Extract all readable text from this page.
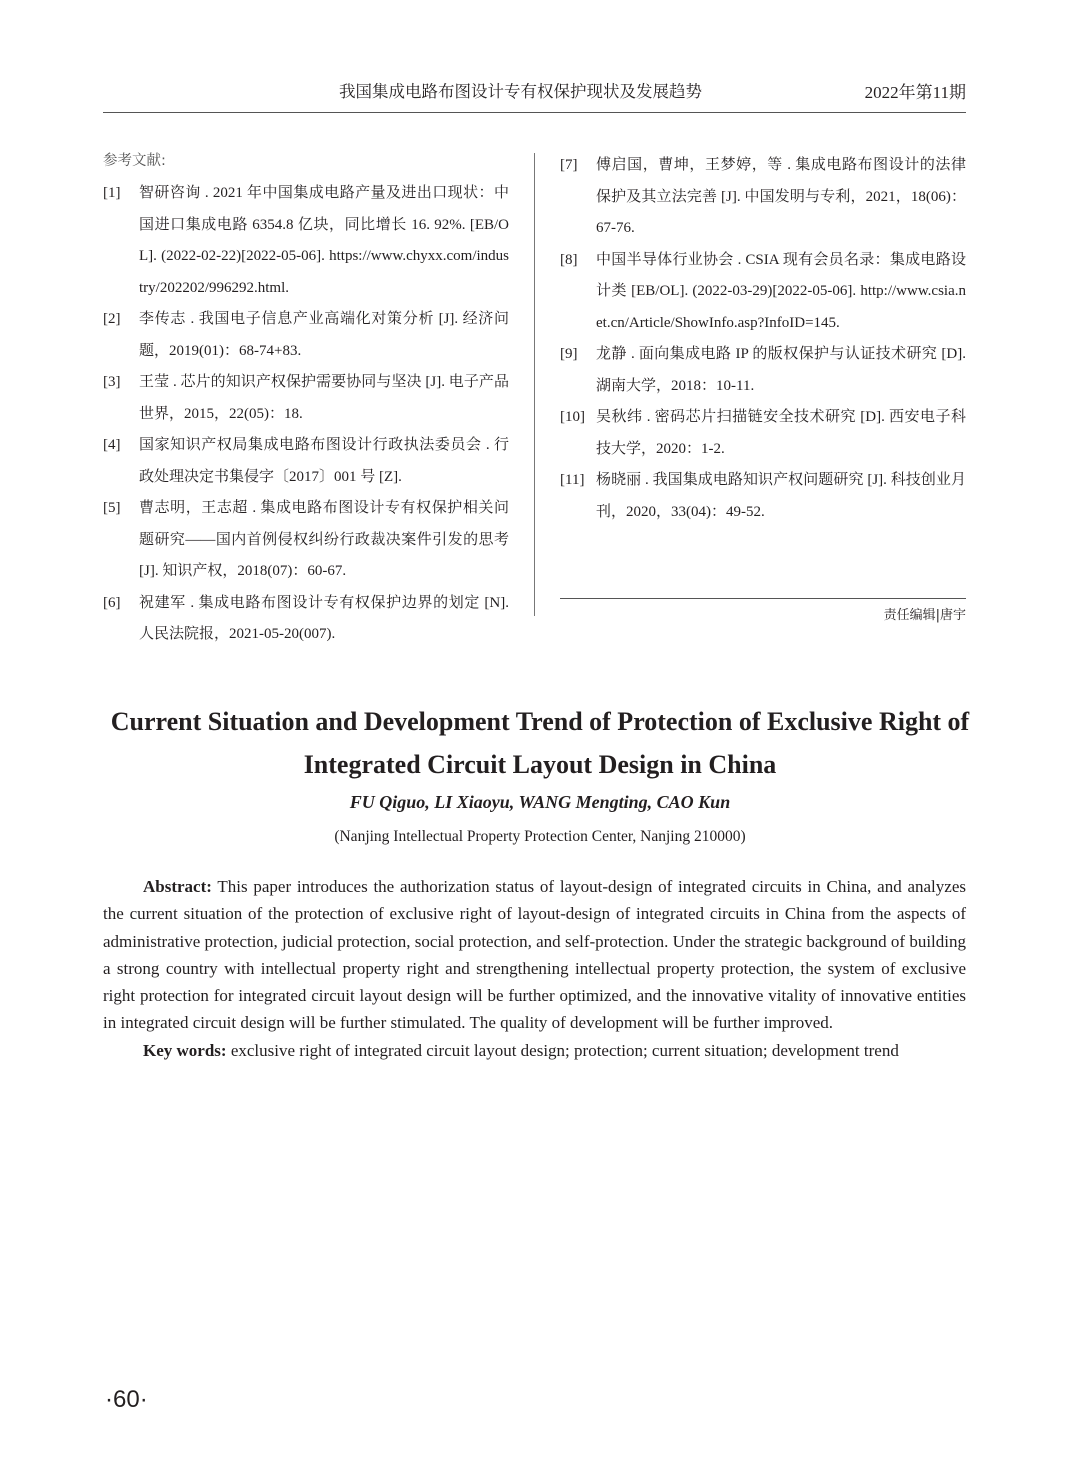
我国集成电路布图设计专有权保护现状及发展趋势	2022年第11期
参考文献:
[1] 智研咨询 . 2021 年中国集成电路产量及进出口现状：中国进口集成电路 6354.8 亿块，同比增长 16. 92%. [EB/OL]. (2022-02-22)[2022-05-06]. https://www.chyxx.com/industry/202202/996292.html.
[2] 李传志 . 我国电子信息产业高端化对策分析 [J]. 经济问题，2019(01)：68-74+83.
[3] 王莹 . 芯片的知识产权保护需要协同与坚决 [J]. 电子产品世界，2015，22(05)：18.
[4] 国家知识产权局集成电路布图设计行政执法委员会 . 行政处理决定书集侵字〔2017〕001 号 [Z].
[5] 曹志明，王志超 . 集成电路布图设计专有权保护相关问题研究——国内首例侵权纠纷行政裁决案件引发的思考 [J]. 知识产权，2018(07)：60-67.
[6] 祝建军 . 集成电路布图设计专有权保护边界的划定 [N]. 人民法院报，2021-05-20(007).
[7] 傅启国，曹坤，王梦婷，等 . 集成电路布图设计的法律保护及其立法完善 [J]. 中国发明与专利，2021，18(06)：67-76.
[8] 中国半导体行业协会 . CSIA 现有会员名录：集成电路设计类 [EB/OL]. (2022-03-29)[2022-05-06]. http://www.csia.net.cn/Article/ShowInfo.asp?InfoID=145.
[9] 龙静 . 面向集成电路 IP 的版权保护与认证技术研究 [D]. 湖南大学，2018：10-11.
[10] 吴秋纬 . 密码芯片扫描链安全技术研究 [D]. 西安电子科技大学，2020：1-2.
[11] 杨晓丽 . 我国集成电路知识产权问题研究 [J]. 科技创业月刊，2020，33(04)：49-52.
责任编辑|唐宇
Current Situation and Development Trend of Protection of Exclusive Right of Integrated Circuit Layout Design in China
FU Qiguo, LI Xiaoyu, WANG Mengting, CAO Kun
(Nanjing Intellectual Property Protection Center, Nanjing 210000)

Abstract: This paper introduces the authorization status of layout-design of integrated circuits in China, and analyzes the current situation of the protection of exclusive right of layout-design of integrated circuits in China from the aspects of administrative protection, judicial protection, social protection, and self-protection. Under the strategic background of building a strong country with intellectual property right and strengthening intellectual property protection, the system of exclusive right protection for integrated circuit layout design will be further optimized, and the innovative vitality of innovative entities in integrated circuit design will be further stimulated. The quality of development will be further improved.

Key words: exclusive right of integrated circuit layout design; protection; current situation; development trend

·60·
